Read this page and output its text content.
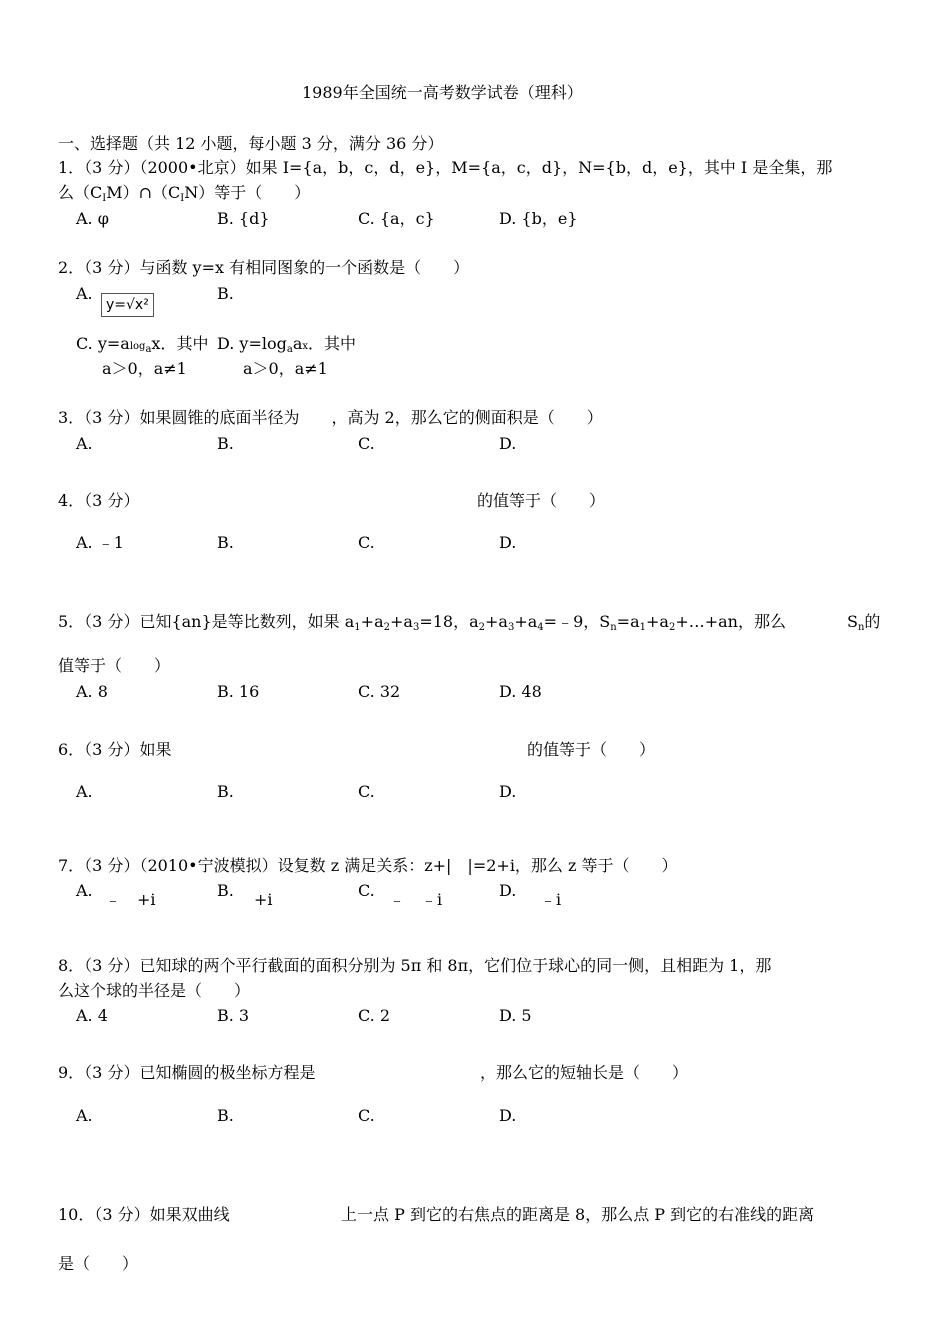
1989年全国统一高考数学试卷（理科）
一、选择题（共 12 小题，每小题 3 分，满分 36 分）
1．（3 分）（2000•北京）如果 I={a，b，c，d，e}，M={a，c，d}，N={b，d，e}，其中 I 是全集，那
么$(C_IM)\cap(C_IN)$等于（　　）
A. φ	B. {d}	C. {a，c}	D. {b，e}
2．（3 分）与函数 y=x 有相同图象的一个函数是（　　）
A.
y=√x²
B.
C. y=alog$_a$x．其中
a＞0，a≠1
D. $y=\log_aax$．其中
a＞0，a≠1
3．（3 分）如果圆锥的底面半径为　　，高为 2，那么它的侧面积是（　　）
A.	B.	C.	D.
4．（3 分）	的值等于（　　）
A. ﹣1	B.	C.	D.
5．（3 分）已知{an}是等比数列，如果 $a_1+a_2+a_3=18$，$a_2+a_3+a_4=﹣9$，$S_n=a_1+a_2+\dots+an$，那么	$S_n$的
值等于（　　）
A. 8	B. 16	C. 32	D. 48
6．（3 分）如果	的值等于（　　）
A.	B.	C.	D.
7．（3 分）（2010•宁波模拟）设复数 z 满足关系：z+|　|=2+i，那么 z 等于（　　）
A. ﹣　+i	B. +i	C. ﹣　﹣i	D. ﹣i
8．（3 分）已知球的两个平行截面的面积分别为 5π 和 8π，它们位于球心的同一侧，且相距为 1，那
么这个球的半径是（　　）
A. 4	B. 3	C. 2	D. 5
9．（3 分）已知椭圆的极坐标方程是	，那么它的短轴长是（　　）
A.	B.	C.	D.
10．（3 分）如果双曲线	上一点 P 到它的右焦点的距离是 8，那么点 P 到它的右准线的距离
是（　　）
